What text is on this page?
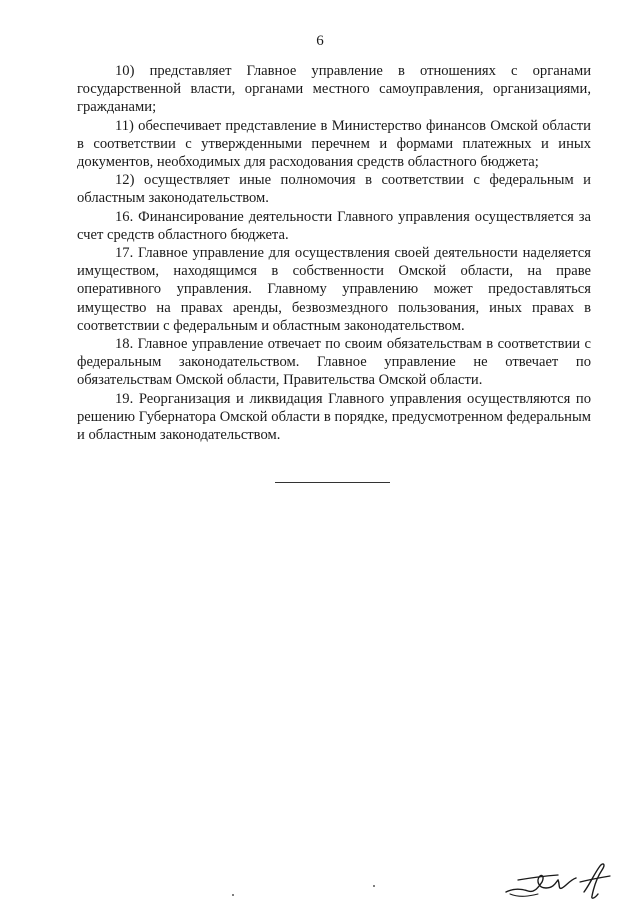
6

10) представляет Главное управление в отношениях с органами государственной власти, органами местного самоуправления, организациями, гражданами;

11) обеспечивает представление в Министерство финансов Омской области в соответствии с утвержденными перечнем и формами платежных и иных документов, необходимых для расходования средств областного бюджета;

12) осуществляет иные полномочия в соответствии с федеральным и областным законодательством.

16. Финансирование деятельности Главного управления осуществляется за счет средств областного бюджета.

17. Главное управление для осуществления своей деятельности наделяется имуществом, находящимся в собственности Омской области, на праве оперативного управления. Главному управлению может предоставляться имущество на правах аренды, безвозмездного пользования, иных правах в соответствии с федеральным и областным законодательством.

18. Главное управление отвечает по своим обязательствам в соответствии с федеральным законодательством. Главное управление не отвечает по обязательствам Омской области, Правительства Омской области.

19. Реорганизация и ликвидация Главного управления осуществляются по решению Губернатора Омской области в порядке, предусмотренном федеральным и областным законодательством.
